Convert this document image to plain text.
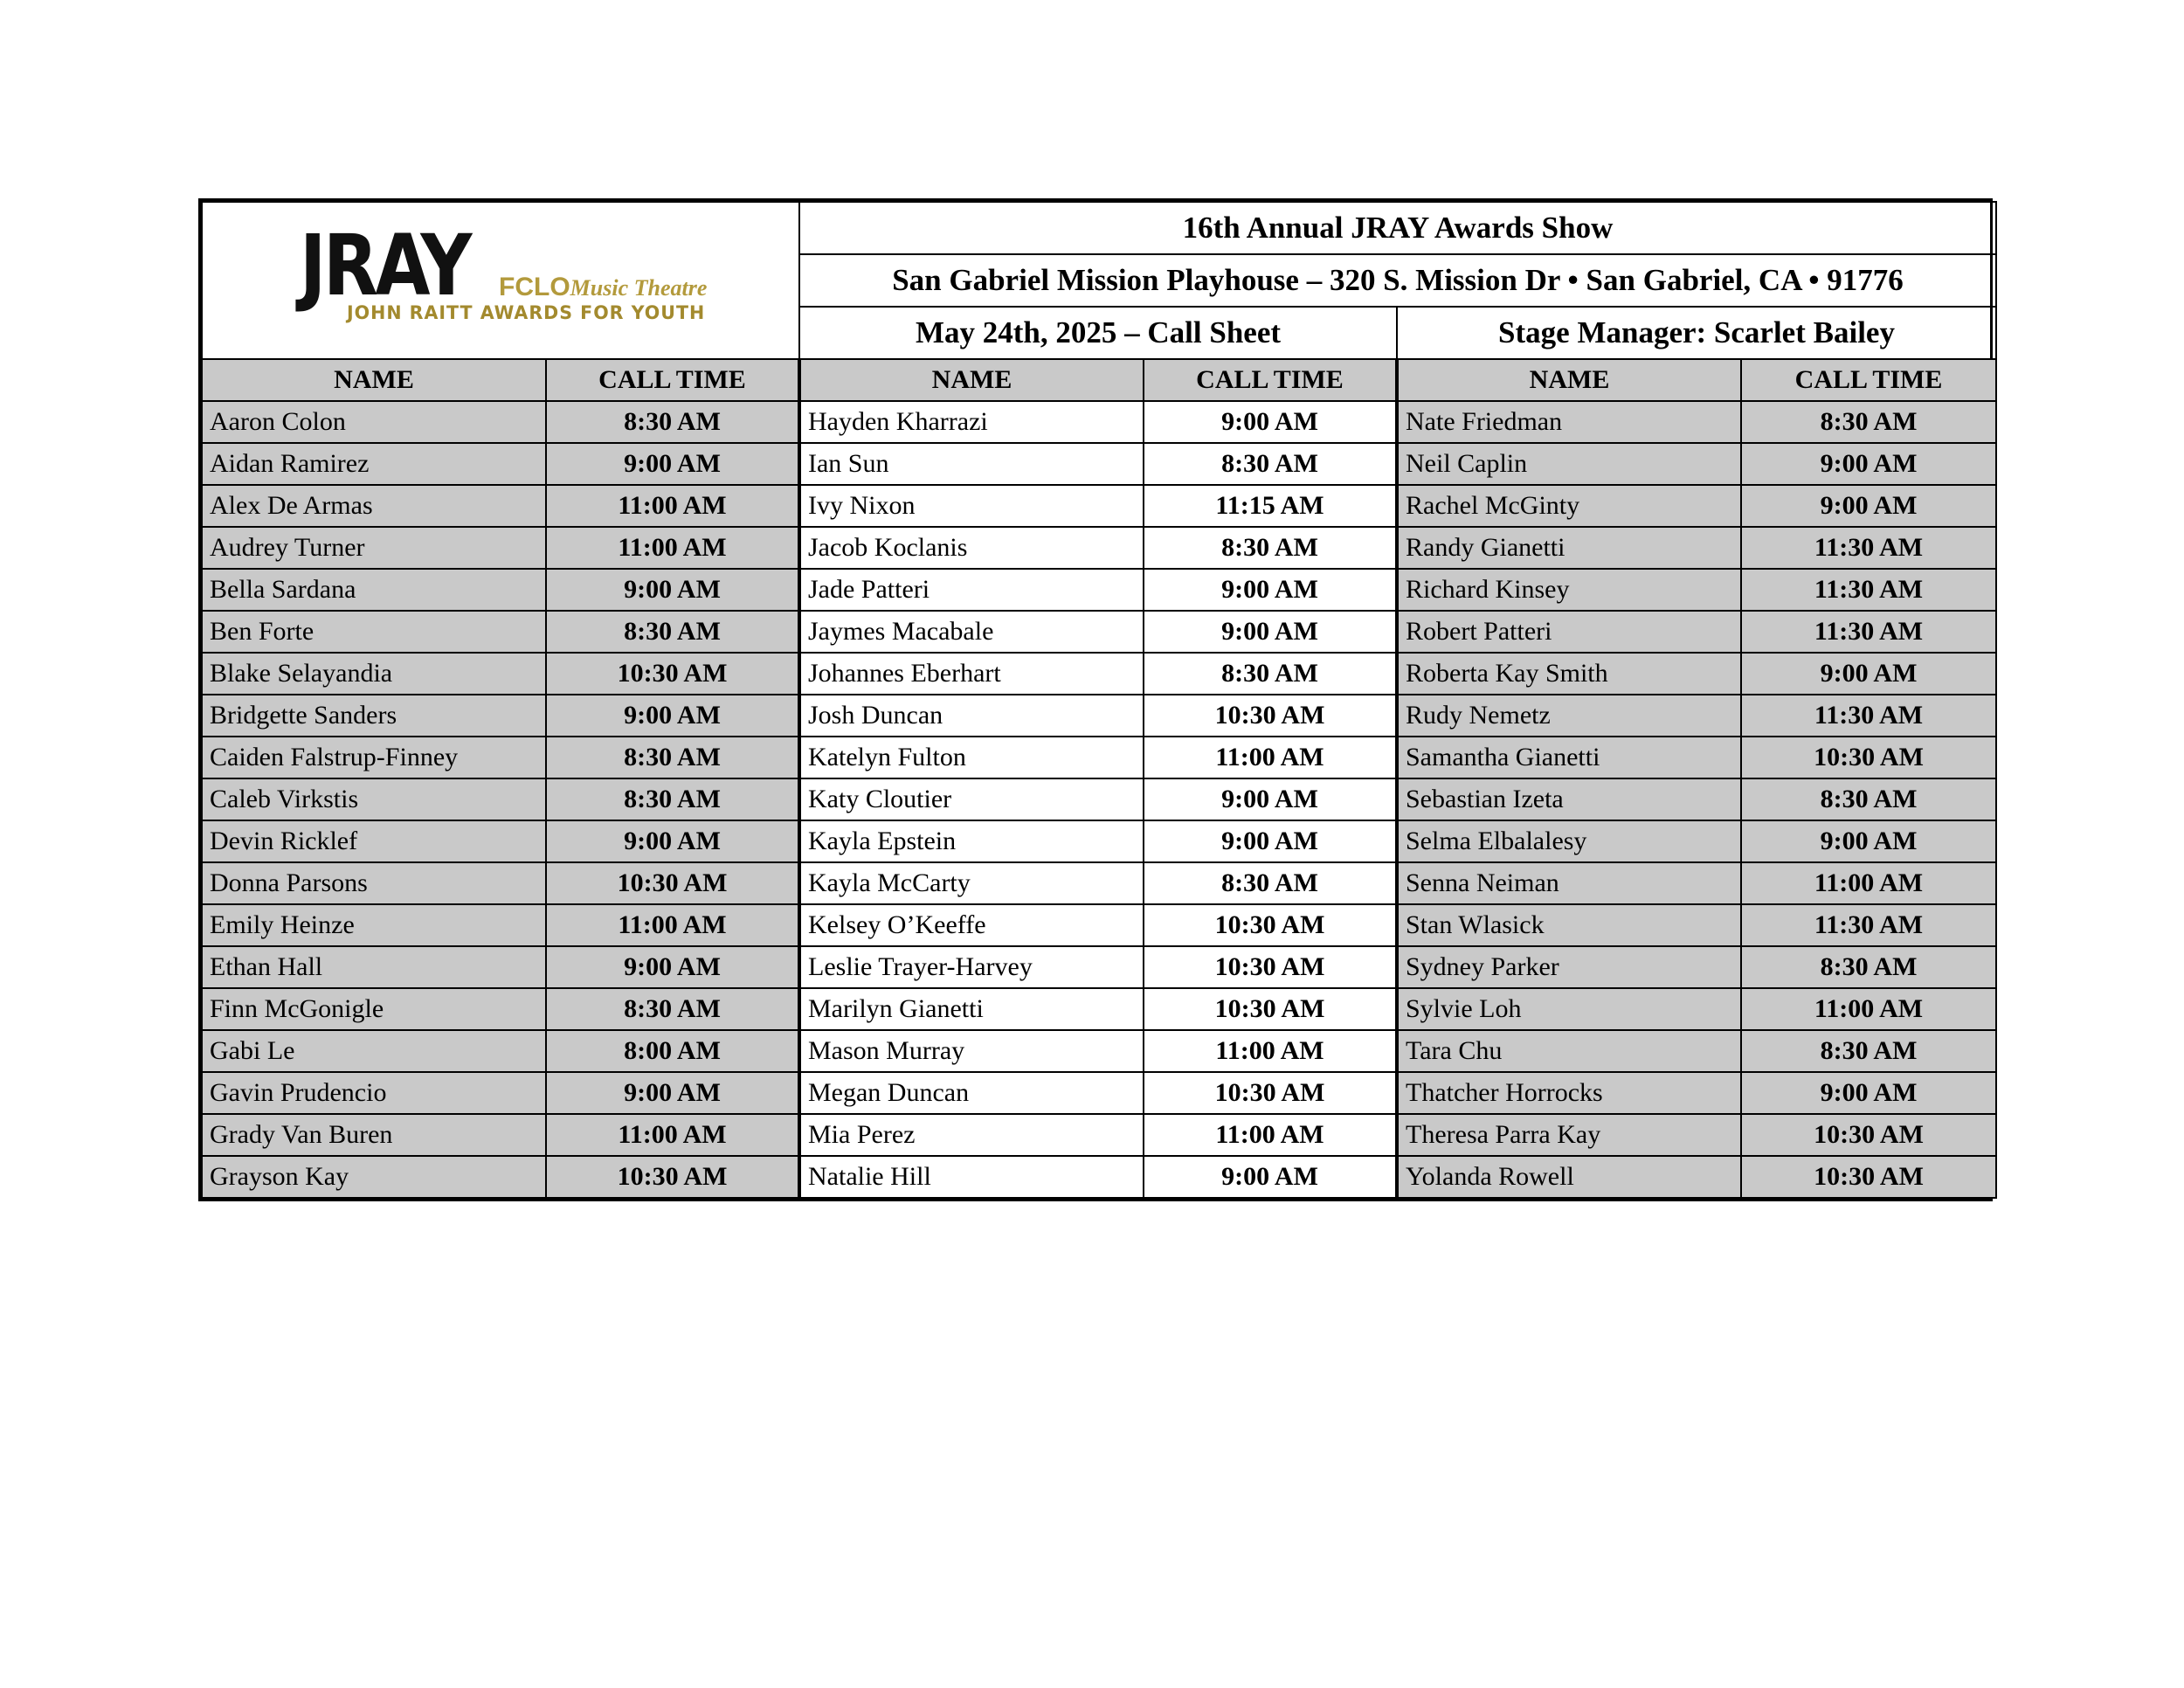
JRAY FCLOMusic Theatre
JOHN RAITT AWARDS FOR YOUTH		16th Annual JRAY Awards Show			
		San Gabriel Mission Playhouse – 320 S. Mission Dr • San Gabriel, CA • 91776			
		May 24th, 2025 – Call Sheet		Stage Manager: Scarlet Bailey	
NAME	CALL TIME	NAME	CALL TIME	NAME	CALL TIME
Aaron Colon	8:30 AM	Hayden Kharrazi	9:00 AM	Nate Friedman	8:30 AM
Aidan Ramirez	9:00 AM	Ian Sun	8:30 AM	Neil Caplin	9:00 AM
Alex De Armas	11:00 AM	Ivy Nixon	11:15 AM	Rachel McGinty	9:00 AM
Audrey Turner	11:00 AM	Jacob Koclanis	8:30 AM	Randy Gianetti	11:30 AM
Bella Sardana	9:00 AM	Jade Patteri	9:00 AM	Richard Kinsey	11:30 AM
Ben Forte	8:30 AM	Jaymes Macabale	9:00 AM	Robert Patteri	11:30 AM
Blake Selayandia	10:30 AM	Johannes Eberhart	8:30 AM	Roberta Kay Smith	9:00 AM
Bridgette Sanders	9:00 AM	Josh Duncan	10:30 AM	Rudy Nemetz	11:30 AM
Caiden Falstrup-Finney	8:30 AM	Katelyn Fulton	11:00 AM	Samantha Gianetti	10:30 AM
Caleb Virkstis	8:30 AM	Katy Cloutier	9:00 AM	Sebastian Izeta	8:30 AM
Devin Ricklef	9:00 AM	Kayla Epstein	9:00 AM	Selma Elbalalesy	9:00 AM
Donna Parsons	10:30 AM	Kayla McCarty	8:30 AM	Senna Neiman	11:00 AM
Emily Heinze	11:00 AM	Kelsey O’Keeffe	10:30 AM	Stan Wlasick	11:30 AM
Ethan Hall	9:00 AM	Leslie Trayer-Harvey	10:30 AM	Sydney Parker	8:30 AM
Finn McGonigle	8:30 AM	Marilyn Gianetti	10:30 AM	Sylvie Loh	11:00 AM
Gabi Le	8:00 AM	Mason Murray	11:00 AM	Tara Chu	8:30 AM
Gavin Prudencio	9:00 AM	Megan Duncan	10:30 AM	Thatcher Horrocks	9:00 AM
Grady Van Buren	11:00 AM	Mia Perez	11:00 AM	Theresa Parra Kay	10:30 AM
Grayson Kay	10:30 AM	Natalie Hill	9:00 AM	Yolanda Rowell	10:30 AM
